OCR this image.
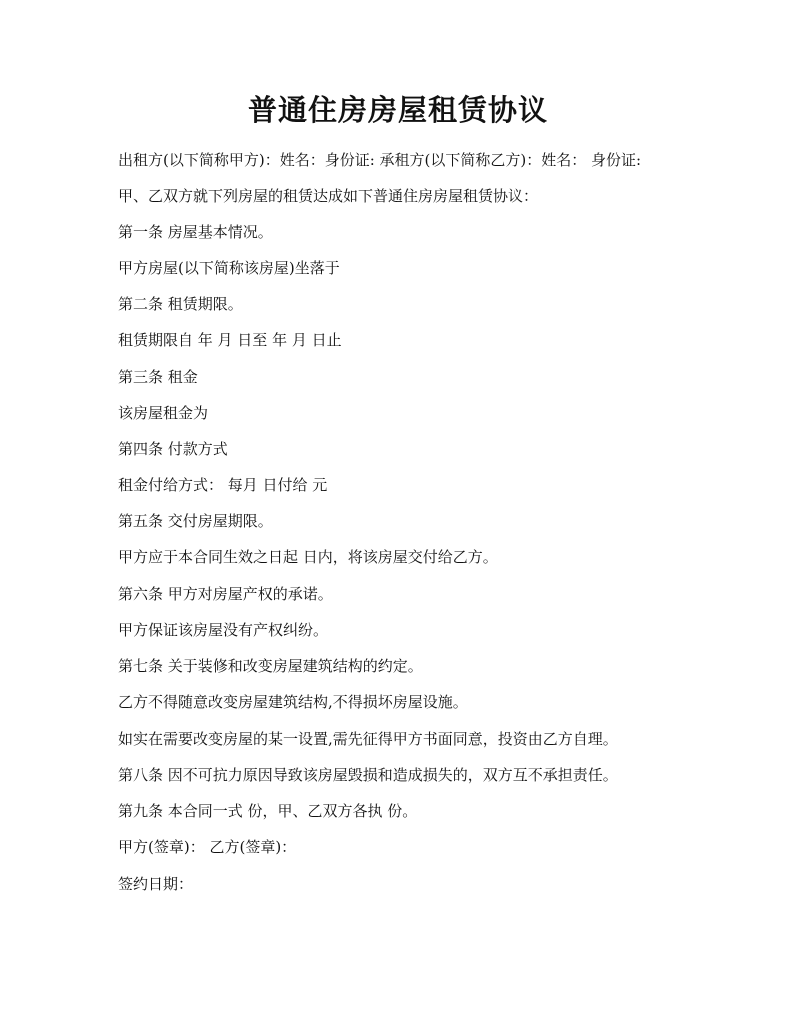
普通住房房屋租赁协议
出租方(以下简称甲方)：姓名：身份证: 承租方(以下简称乙方)：姓名： 身份证:
甲、乙双方就下列房屋的租赁达成如下普通住房房屋租赁协议：
第一条 房屋基本情况。
甲方房屋(以下简称该房屋)坐落于
第二条 租赁期限。
租赁期限自 年 月 日至 年 月 日止
第三条 租金
该房屋租金为
第四条 付款方式
租金付给方式： 每月 日付给 元
第五条 交付房屋期限。
甲方应于本合同生效之日起 日内，将该房屋交付给乙方。
第六条 甲方对房屋产权的承诺。
甲方保证该房屋没有产权纠纷。
第七条 关于装修和改变房屋建筑结构的约定。
乙方不得随意改变房屋建筑结构,不得损坏房屋设施。
如实在需要改变房屋的某一设置,需先征得甲方书面同意，投资由乙方自理。
第八条 因不可抗力原因导致该房屋毁损和造成损失的，双方互不承担责任。
第九条 本合同一式 份，甲、乙双方各执 份。
甲方(签章)： 乙方(签章)：
签约日期：
